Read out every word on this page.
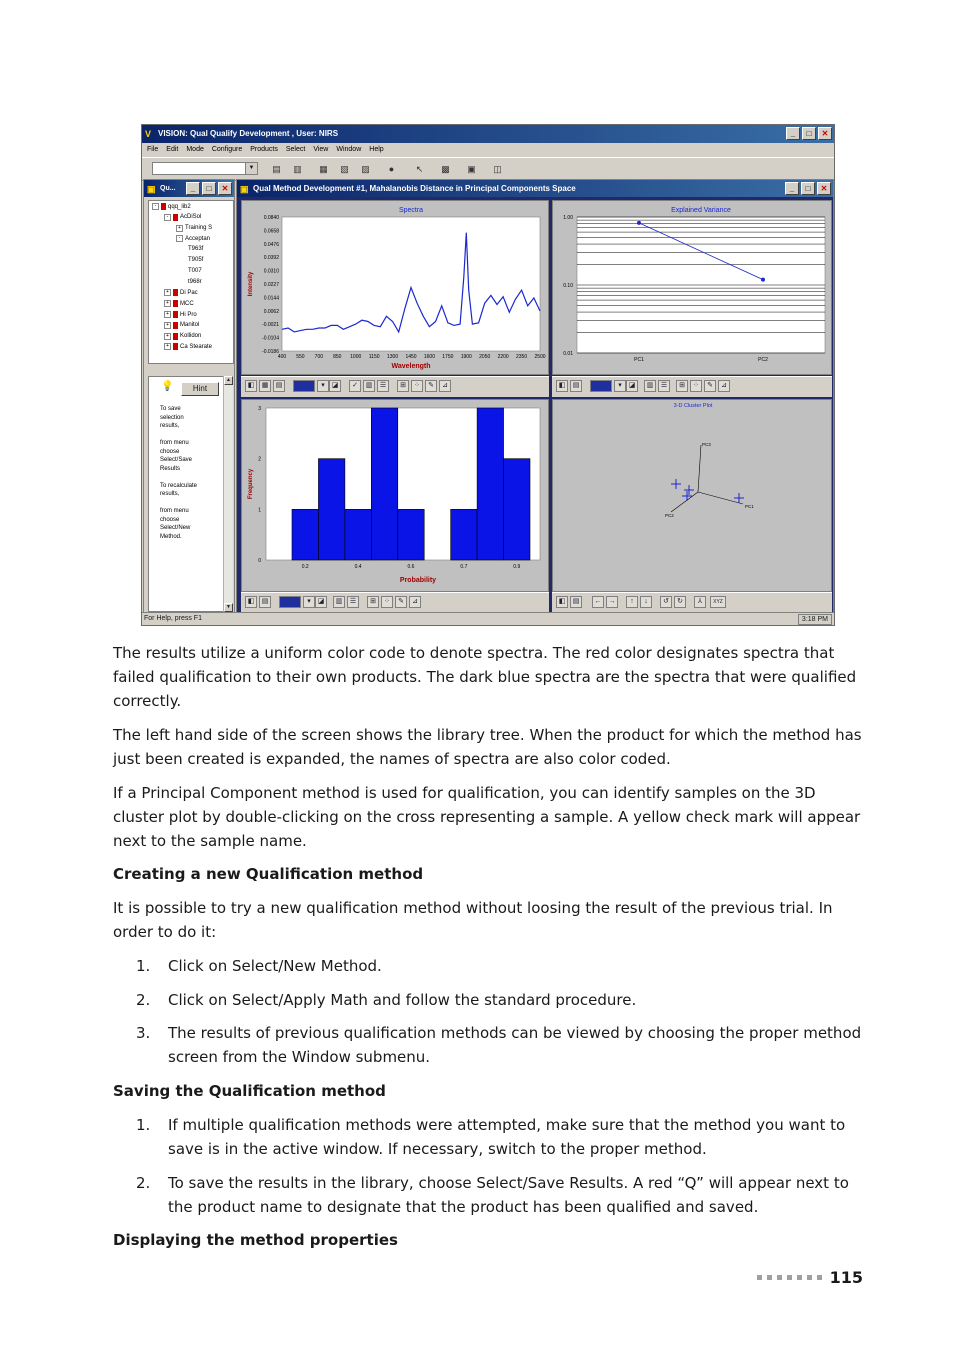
V VISION: Qual Qualify Development , User: NIRS	_	□	✕
File Edit Mode Configure Products Select View Window Help
▼	▤	▥	▦	▧	▨	●	↖	▩	▣	◫
▣ Qu...	_	□	✕
-	qqq_lib2
-	AcDiSol
+ Training S
- Acceptan
T963f
T905f
T007
t968r
+	Di Pac
+	MCC
+	Hi Pro
+	Manitol
+	Kollidon
+	Ca Stearate
💡	Hint
To save
selection
results,

from menu
choose
Select/Save
Results

To recalculate
results,

from menu
choose
Select/New
Method.
▲
▼
▣ Qual Method Development #1, Mahalanobis Distance in Principal Components Space	_	□	✕
Spectra
0.0840
0.0658
0.0476
0.0392
0.0310
0.0227
0.0144
0.0062
-0.0021
-0.0104
-0.0186
400 550 700 850 1000 1150 1300 1450 1600 1750 1900 2050 2200 2350 2500
Wavelength
Intensity
◧	▦	▤	▾ ◪	✓	▥	☰	⊞	⁘	✎	⊿
Explained Variance
1.00
0.10
0.01
PC1	PC2
◧	▤	▾ ◪	▥	☰	⊞	⁘	✎	⊿
3
2
1
0
0.2	0.4	0.6	0.7	0.9
Probability
Frequency
◧	▤	▾ ◪	▥	☰	⊞	⁘	✎	⊿
3-D Cluster Plot
PC1
PC2
PC3
◧	▤	←	→	↑	↓	↺	↻	⅄	XYZ
For Help, press F1	3:18 PM

The results utilize a uniform color code to denote spectra. The red color designates spectra that failed qualification to their own products. The dark blue spectra are the spectra that were qualified correctly.

The left hand side of the screen shows the library tree. When the product for which the method has just been created is expanded, the names of spectra are also color coded.

If a Principal Component method is used for qualification, you can identify samples on the 3D cluster plot by double-clicking on the cross representing a sample. A yellow check mark will appear next to the sample name.

Creating a new Qualification method

It is possible to try a new qualification method without loosing the result of the previous trial. In order to do it:

1. Click on Select/New Method.
2. Click on Select/Apply Math and follow the standard procedure.
3. The results of previous qualification methods can be viewed by choosing the proper method screen from the Window submenu.
Saving the Qualification method
1. If multiple qualification methods were attempted, make sure that the method you want to save is in the active window. If necessary, switch to the proper method.
2. To save the results in the library, choose Select/Save Results. A red “Q” will appear next to the product name to designate that the product has been qualified and saved.
Displaying the method properties
115
